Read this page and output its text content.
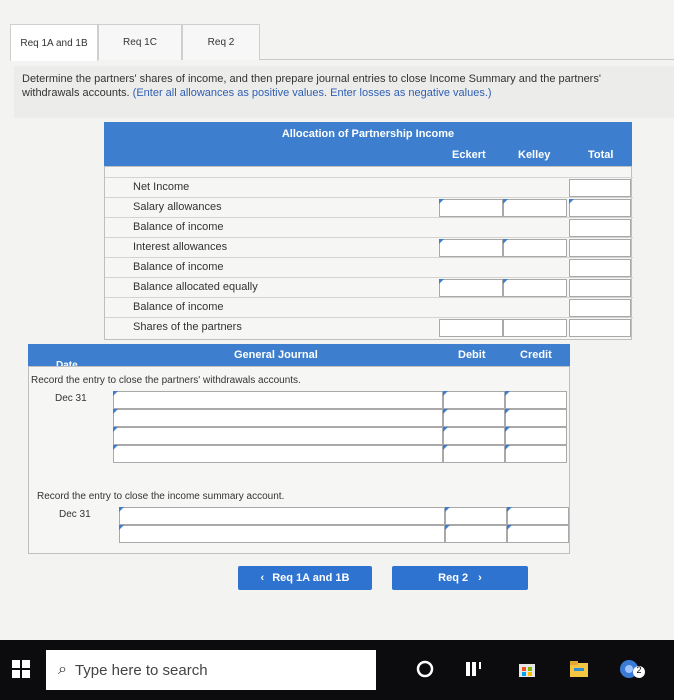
Req 1A and 1B	Req 1C	Req 2
Determine the partners' shares of income, and then prepare journal entries to close Income Summary and the partners'
withdrawals accounts. (Enter all allowances as positive values. Enter losses as negative values.)
Allocation of Partnership Income
Eckert	Kelley	Total
Net Income
Salary allowances
Balance of income
Interest allowances
Balance of income
Balance allocated equally
Balance of income
Shares of the partners
General Journal	Debit	Credit
Record the entry to close the partners' withdrawals accounts.
Dec 31
Record the entry to close the income summary account.
Dec 31
‹ Req 1A and 1B	Req 2 ›
⌕ Type here to search	2
